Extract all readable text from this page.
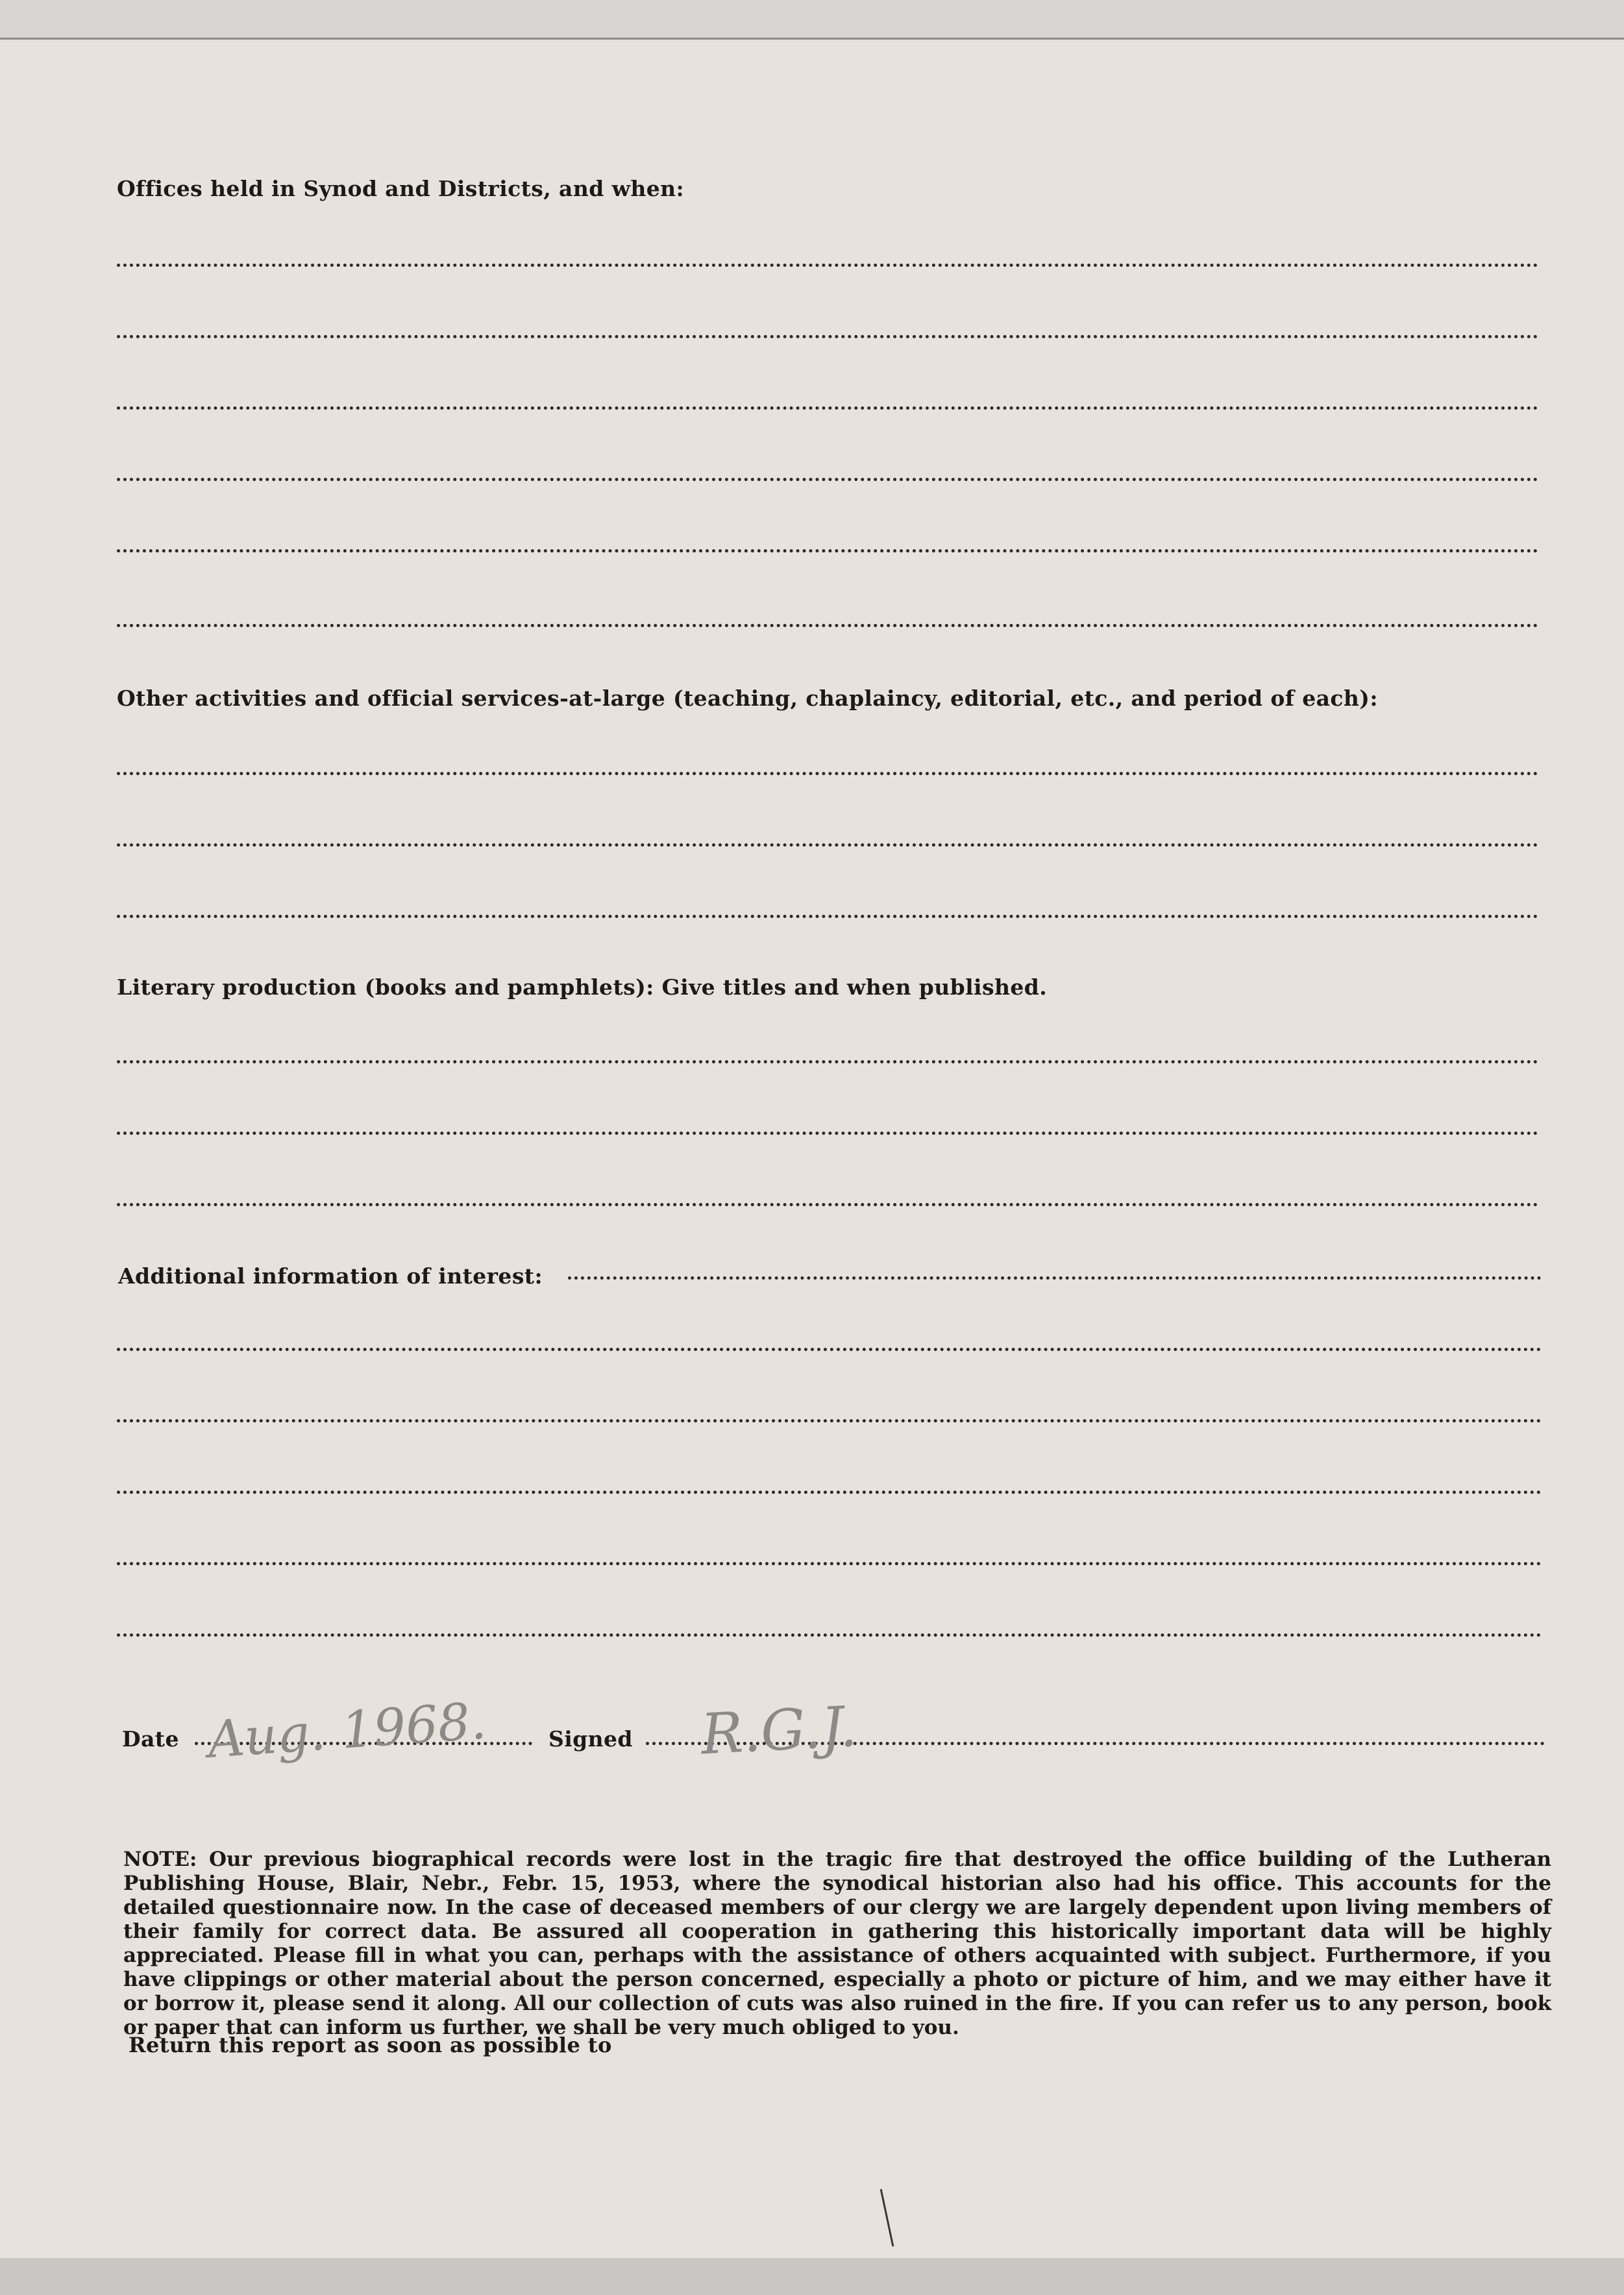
Offices held in Synod and Districts, and when:
Other activities and official services-at-large (teaching, chaplaincy, editorial, etc., and period of each):
Literary production (books and pamphlets): Give titles and when published.
Additional information of interest:
Date Aug. 1968.	Signed R.G.J.
NOTE: Our previous biographical records were lost in the tragic fire that destroyed the office building of the Lutheran Publishing House, Blair, Nebr., Febr. 15, 1953, where the synodical historian also had his office. This accounts for the detailed questionnaire now. In the case of deceased members of our clergy we are largely dependent upon living members of their family for correct data. Be assured all cooperation in gathering this historically important data will be highly appreciated. Please fill in what you can, perhaps with the assistance of others acquainted with subject. Furthermore, if you have clippings or other material about the person concerned, especially a photo or picture of him, and we may either have it or borrow it, please send it along. All our collection of cuts was also ruined in the fire. If you can refer us to any person, book or paper that can inform us further, we shall be very much obliged to you.
Return this report as soon as possible to
